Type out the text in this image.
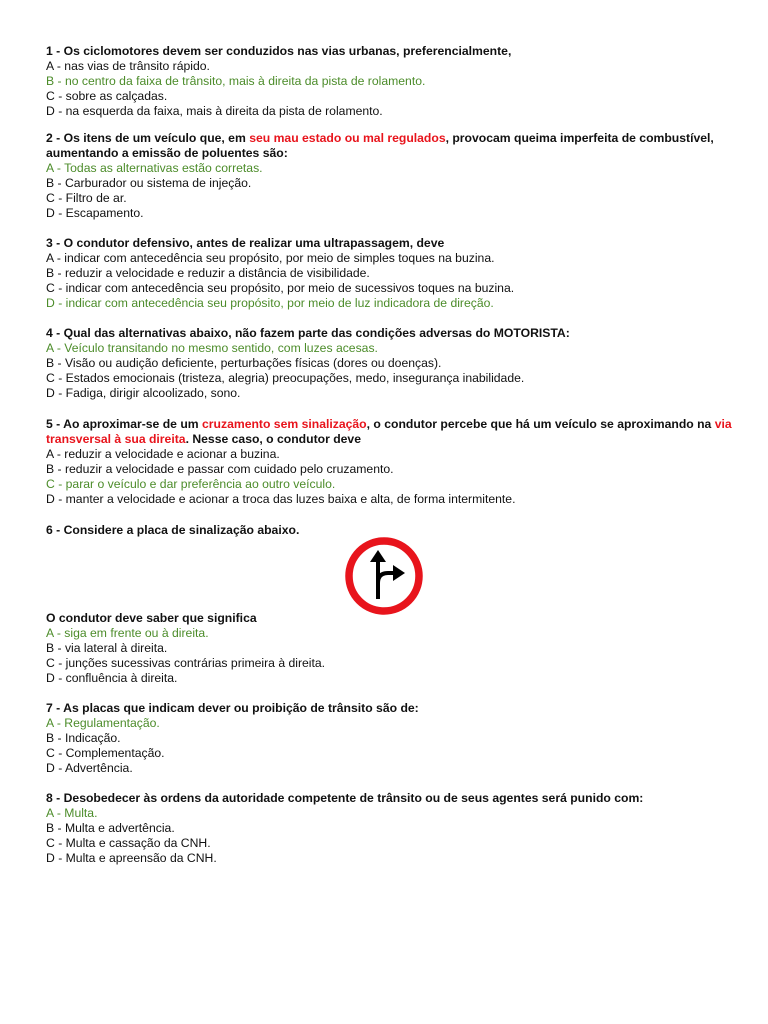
1 - Os ciclomotores devem ser conduzidos nas vias urbanas, preferencialmente,
A - nas vias de trânsito rápido.
B - no centro da faixa de trânsito, mais à direita da pista de rolamento.
C - sobre as calçadas.
D - na esquerda da faixa, mais à direita da pista de rolamento.
2 - Os itens de um veículo que, em seu mau estado ou mal regulados, provocam queima imperfeita de combustível, aumentando a emissão de poluentes são:
A - Todas as alternativas estão corretas.
B - Carburador ou sistema de injeção.
C - Filtro de ar.
D - Escapamento.
3 - O condutor defensivo, antes de realizar uma ultrapassagem, deve
A - indicar com antecedência seu propósito, por meio de simples toques na buzina.
B - reduzir a velocidade e reduzir a distância de visibilidade.
C - indicar com antecedência seu propósito, por meio de sucessivos toques na buzina.
D - indicar com antecedência seu propósito, por meio de luz indicadora de direção.
4 - Qual das alternativas abaixo, não fazem parte das condições adversas do MOTORISTA:
A - Veículo transitando no mesmo sentido, com luzes acesas.
B - Visão ou audição deficiente, perturbações físicas (dores ou doenças).
C - Estados emocionais (tristeza, alegria) preocupações, medo, insegurança inabilidade.
D - Fadiga, dirigir alcoolizado, sono.
5 - Ao aproximar-se de um cruzamento sem sinalização, o condutor percebe que há um veículo se aproximando na via transversal à sua direita. Nesse caso, o condutor deve
A - reduzir a velocidade e acionar a buzina.
B - reduzir a velocidade e passar com cuidado pelo cruzamento.
C - parar o veículo e dar preferência ao outro veículo.
D - manter a velocidade e acionar a troca das luzes baixa e alta, de forma intermitente.
6 - Considere a placa de sinalização abaixo.
O condutor deve saber que significa
A - siga em frente ou à direita.
B - via lateral à direita.
C - junções sucessivas contrárias primeira à direita.
D - confluência à direita.
7 - As placas que indicam dever ou proibição de trânsito são de:
A - Regulamentação.
B - Indicação.
C - Complementação.
D - Advertência.
8 - Desobedecer às ordens da autoridade competente de trânsito ou de seus agentes será punido com:
A - Multa.
B - Multa e advertência.
C - Multa e cassação da CNH.
D - Multa e apreensão da CNH.
